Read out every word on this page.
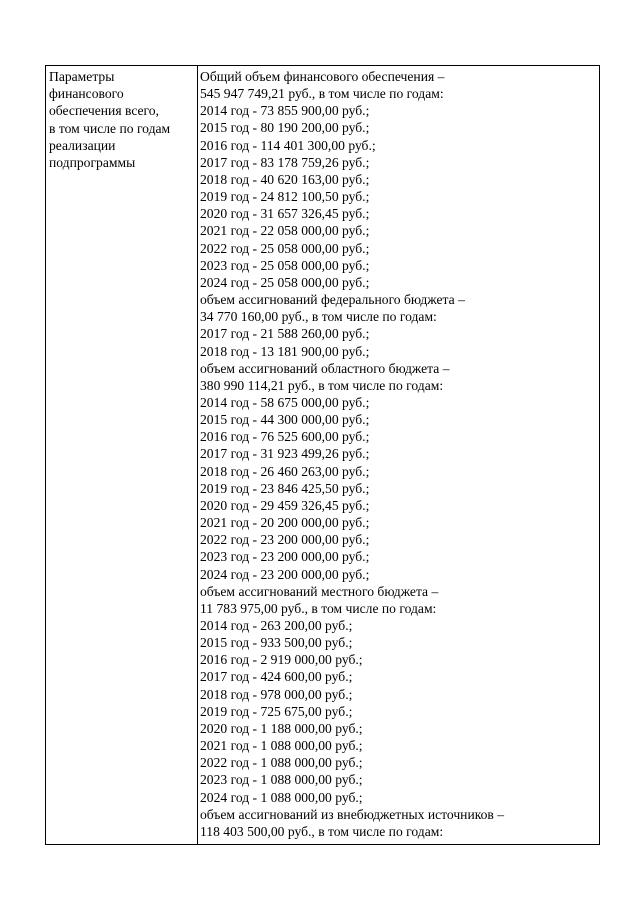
Параметры
финансового
обеспечения всего,
в том числе по годам
реализации
подпрограммы
Общий объем финансового обеспечения –
545 947 749,21 руб., в том числе по годам:
2014 год - 73 855 900,00 руб.;
2015 год - 80 190 200,00 руб.;
2016 год - 114 401 300,00 руб.;
2017 год - 83 178 759,26 руб.;
2018 год - 40 620 163,00 руб.;
2019 год - 24 812 100,50 руб.;
2020 год - 31 657 326,45 руб.;
2021 год - 22 058 000,00 руб.;
2022 год - 25 058 000,00 руб.;
2023 год - 25 058 000,00 руб.;
2024 год - 25 058 000,00 руб.;
объем ассигнований федерального бюджета –
34 770 160,00 руб., в том числе по годам:
2017 год - 21 588 260,00 руб.;
2018 год - 13 181 900,00 руб.;
объем ассигнований областного бюджета –
380 990 114,21 руб., в том числе по годам:
2014 год - 58 675 000,00 руб.;
2015 год - 44 300 000,00 руб.;
2016 год - 76 525 600,00 руб.;
2017 год - 31 923 499,26 руб.;
2018 год - 26 460 263,00 руб.;
2019 год - 23 846 425,50 руб.;
2020 год - 29 459 326,45 руб.;
2021 год - 20 200 000,00 руб.;
2022 год - 23 200 000,00 руб.;
2023 год - 23 200 000,00 руб.;
2024 год - 23 200 000,00 руб.;
объем ассигнований местного бюджета –
11 783 975,00 руб., в том числе по годам:
2014 год - 263 200,00 руб.;
2015 год - 933 500,00 руб.;
2016 год - 2 919 000,00 руб.;
2017 год - 424 600,00 руб.;
2018 год - 978 000,00 руб.;
2019 год - 725 675,00 руб.;
2020 год - 1 188 000,00 руб.;
2021 год - 1 088 000,00 руб.;
2022 год - 1 088 000,00 руб.;
2023 год - 1 088 000,00 руб.;
2024 год - 1 088 000,00 руб.;
объем ассигнований из внебюджетных источников –
118 403 500,00 руб., в том числе по годам:
